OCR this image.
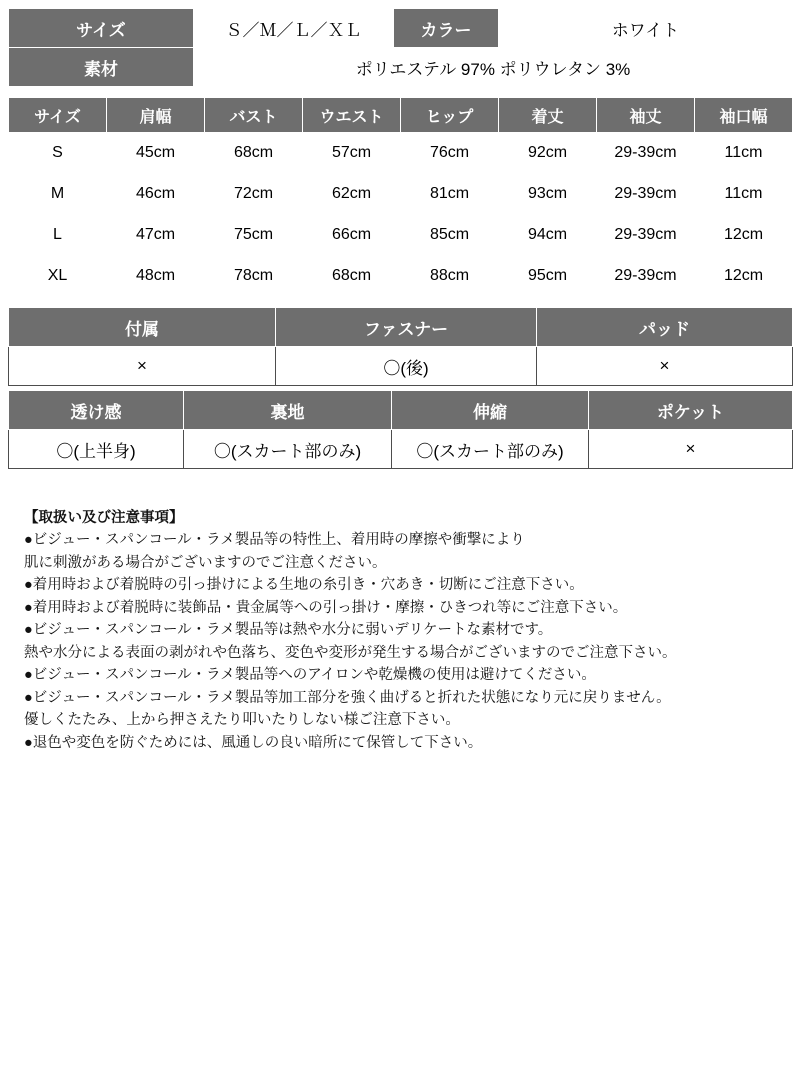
サイズ	Ｓ／Ｍ／Ｌ／ＸＬ	カラー	ホワイト
素材	ポリエステル 97% ポリウレタン 3%		
サイズ	肩幅	バスト	ウエスト	ヒップ	着丈	袖丈	袖口幅
S	45cm	68cm	57cm	76cm	92cm	29-39cm	11cm
M	46cm	72cm	62cm	81cm	93cm	29-39cm	11cm
L	47cm	75cm	66cm	85cm	94cm	29-39cm	12cm
XL	48cm	78cm	68cm	88cm	95cm	29-39cm	12cm
付属	ファスナー	パッド
×	〇(後)	×
透け感	裏地	伸縮	ポケット
〇(上半身)	〇(スカート部のみ)	〇(スカート部のみ)	×
【取扱い及び注意事項】
●ビジュー・スパンコール・ラメ製品等の特性上、着用時の摩擦や衝撃により
肌に刺激がある場合がございますのでご注意ください。
●着用時および着脱時の引っ掛けによる生地の糸引き・穴あき・切断にご注意下さい。
●着用時および着脱時に装飾品・貴金属等への引っ掛け・摩擦・ひきつれ等にご注意下さい。
●ビジュー・スパンコール・ラメ製品等は熱や水分に弱いデリケートな素材です。
熱や水分による表面の剥がれや色落ち、変色や変形が発生する場合がございますのでご注意下さい。
●ビジュー・スパンコール・ラメ製品等へのアイロンや乾燥機の使用は避けてください。
●ビジュー・スパンコール・ラメ製品等加工部分を強く曲げると折れた状態になり元に戻りません。
優しくたたみ、上から押さえたり叩いたりしない様ご注意下さい。
●退色や変色を防ぐためには、風通しの良い暗所にて保管して下さい。
